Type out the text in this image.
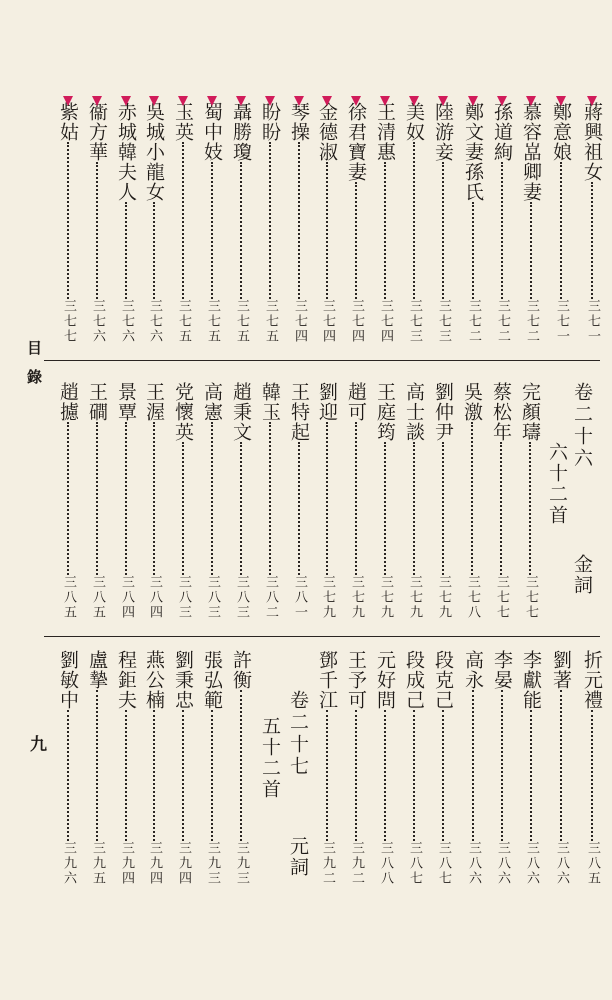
目錄
九
蔣興祖女三七一
鄭意娘三七一
慕容嵓卿妻三七二
孫道絢三七二
鄭文妻孫氏三七二
陸游妾三七三
美奴三七三
王清惠三七四
徐君寶妻三七四
金德淑三七四
琴操三七四
盼盼三七五
聶勝瓊三七五
蜀中妓三七五
玉英三七五
吳城小龍女三七六
赤城韓夫人三七六
衞方華三七六
紫姑三七七
卷二十六
金詞
六十二首
完顏璹三七七
蔡松年三七七
吳激三七八
劉仲尹三七九
高士談三七九
王庭筠三七九
趙可三七九
劉迎三七九
王特起三八一
韓玉三八二
趙秉文三八三
高憲三八三
党懷英三八三
王渥三八四
景覃三八四
王磵三八五
趙攄三八五
折元禮三八五
劉著三八六
李獻能三八六
李晏三八六
高永三八六
段克己三八七
段成己三八七
元好問三八八
王予可三九二
鄧千江三九二
卷二十七
元詞
五十二首
許衡三九三
張弘範三九三
劉秉忠三九四
燕公楠三九四
程鉅夫三九四
盧摯三九五
劉敏中三九六
